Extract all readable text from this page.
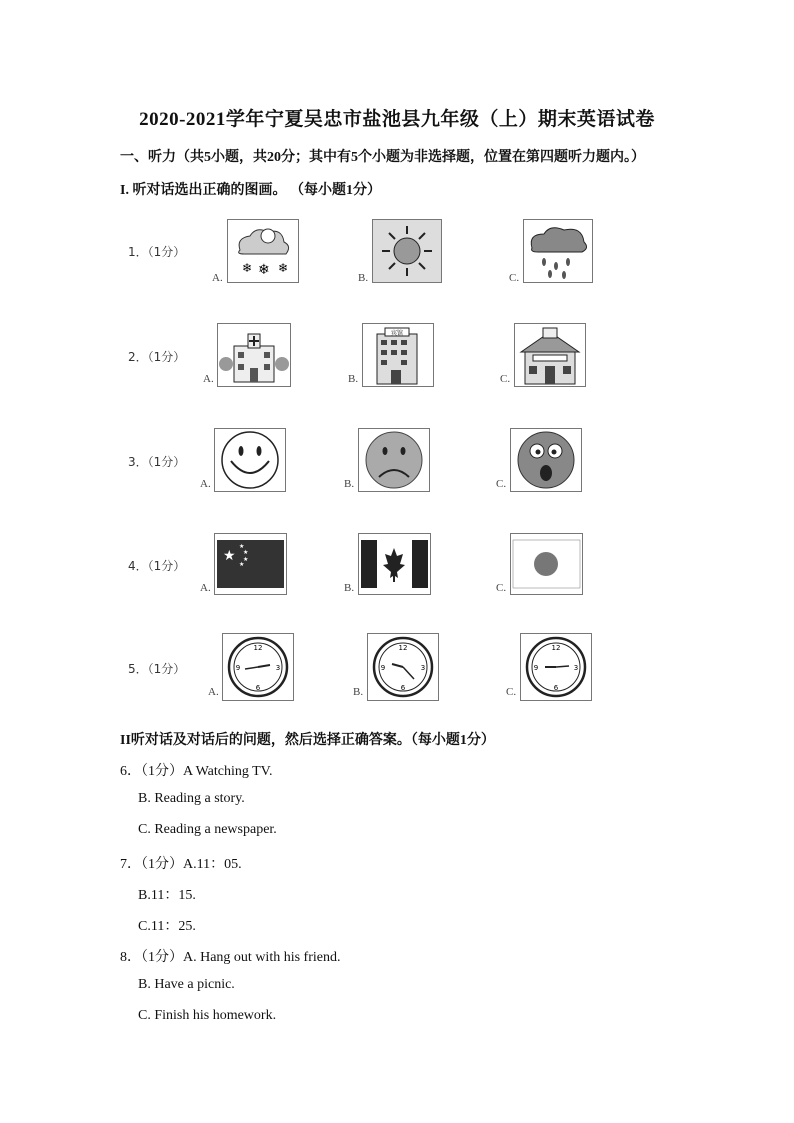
2020-2021学年宁夏吴忠市盐池县九年级（上）期末英语试卷
一、听力（共5小题，共20分；其中有5个小题为非选择题，位置在第四题听力题内。）
I. 听对话选出正确的图画。 （每小题1分）
1．（1分）
A.
❄ ❄ ❄
B.	C.
2．（1分）
A.	B.
宾馆
C.
3．（1分）
A.	B.	C.
4．（1分）
A.
★
★
★
★
★
B.	C.
5．（1分）
A.
12
6
9	3
B.
12
6
9	3
C.
12
6
9	3
II听对话及对话后的问题，然后选择正确答案。（每小题1分）
6．（1分）A Watching TV.
B. Reading a story.
C. Reading a newspaper.
7．（1分）A.11：05.
B.11：15.
C.11：25.
8．（1分）A. Hang out with his friend.
B. Have a picnic.
C. Finish his homework.
